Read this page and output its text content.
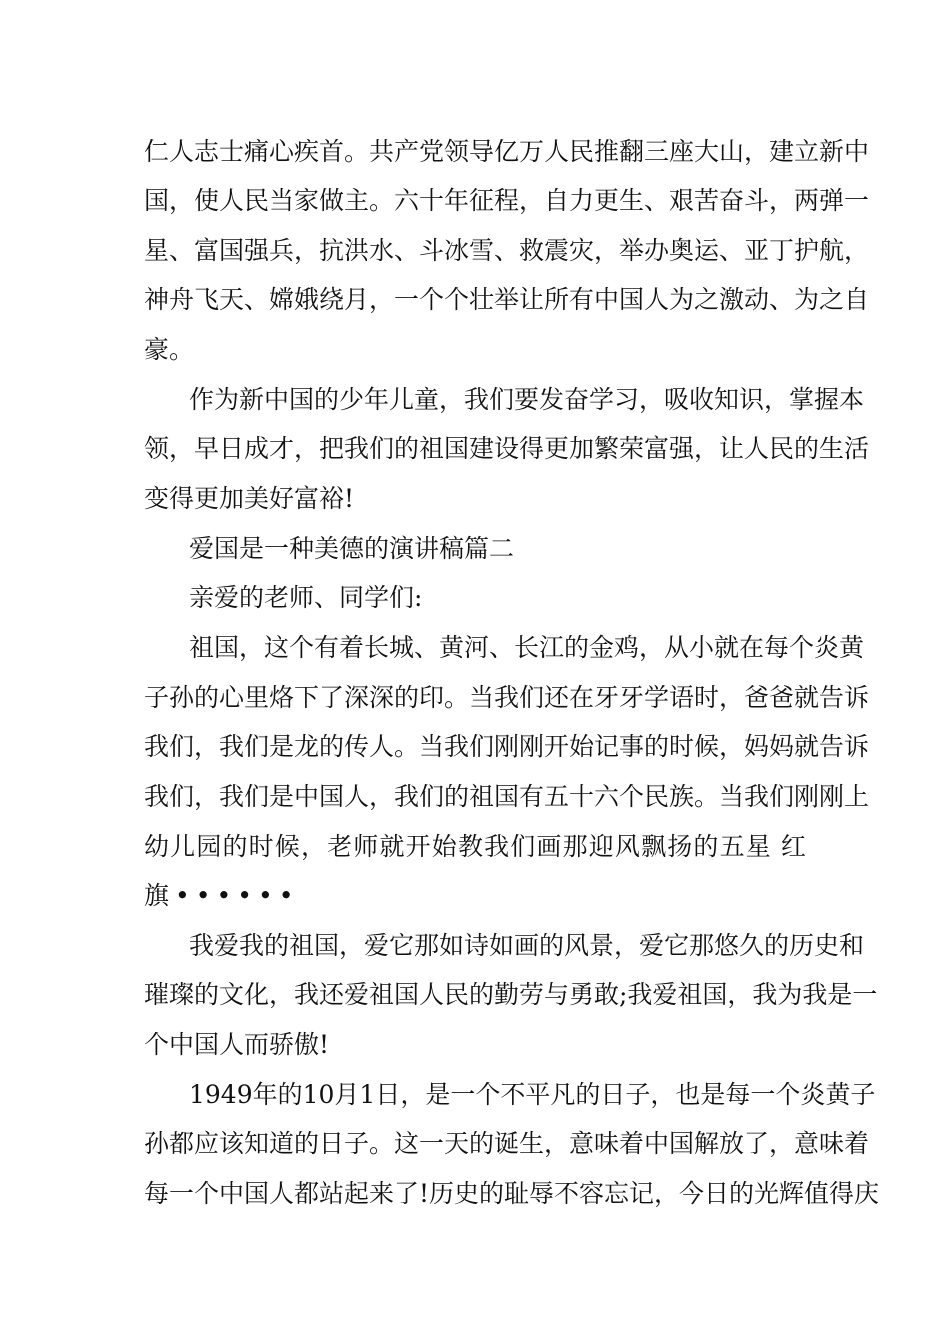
仁人志士痛心疾首。共产党领导亿万人民推翻三座大山，建立新中
国，使人民当家做主。六十年征程，自力更生、艰苦奋斗，两弹一
星、富国强兵，抗洪水、斗冰雪、救震灾，举办奥运、亚丁护航，
神舟飞天、嫦娥绕月，一个个壮举让所有中国人为之激动、为之自
豪。
作为新中国的少年儿童，我们要发奋学习，吸收知识，掌握本
领，早日成才，把我们的祖国建设得更加繁荣富强，让人民的生活
变得更加美好富裕!
爱国是一种美德的演讲稿篇二
亲爱的老师、同学们:
祖国，这个有着长城、黄河、长江的金鸡，从小就在每个炎黄
子孙的心里烙下了深深的印。当我们还在牙牙学语时，爸爸就告诉
我们，我们是龙的传人。当我们刚刚开始记事的时候，妈妈就告诉
我们，我们是中国人，我们的祖国有五十六个民族。当我们刚刚上
幼儿园的时候，老师就开始教我们画那迎风飘扬的五星 红
旗••••••
我爱我的祖国，爱它那如诗如画的风景，爱它那悠久的历史和
璀璨的文化，我还爱祖国人民的勤劳与勇敢;我爱祖国，我为我是一
个中国人而骄傲!
1949年的10月1日，是一个不平凡的日子，也是每一个炎黄子
孙都应该知道的日子。这一天的诞生，意味着中国解放了，意味着
每一个中国人都站起来了!历史的耻辱不容忘记，今日的光辉值得庆
